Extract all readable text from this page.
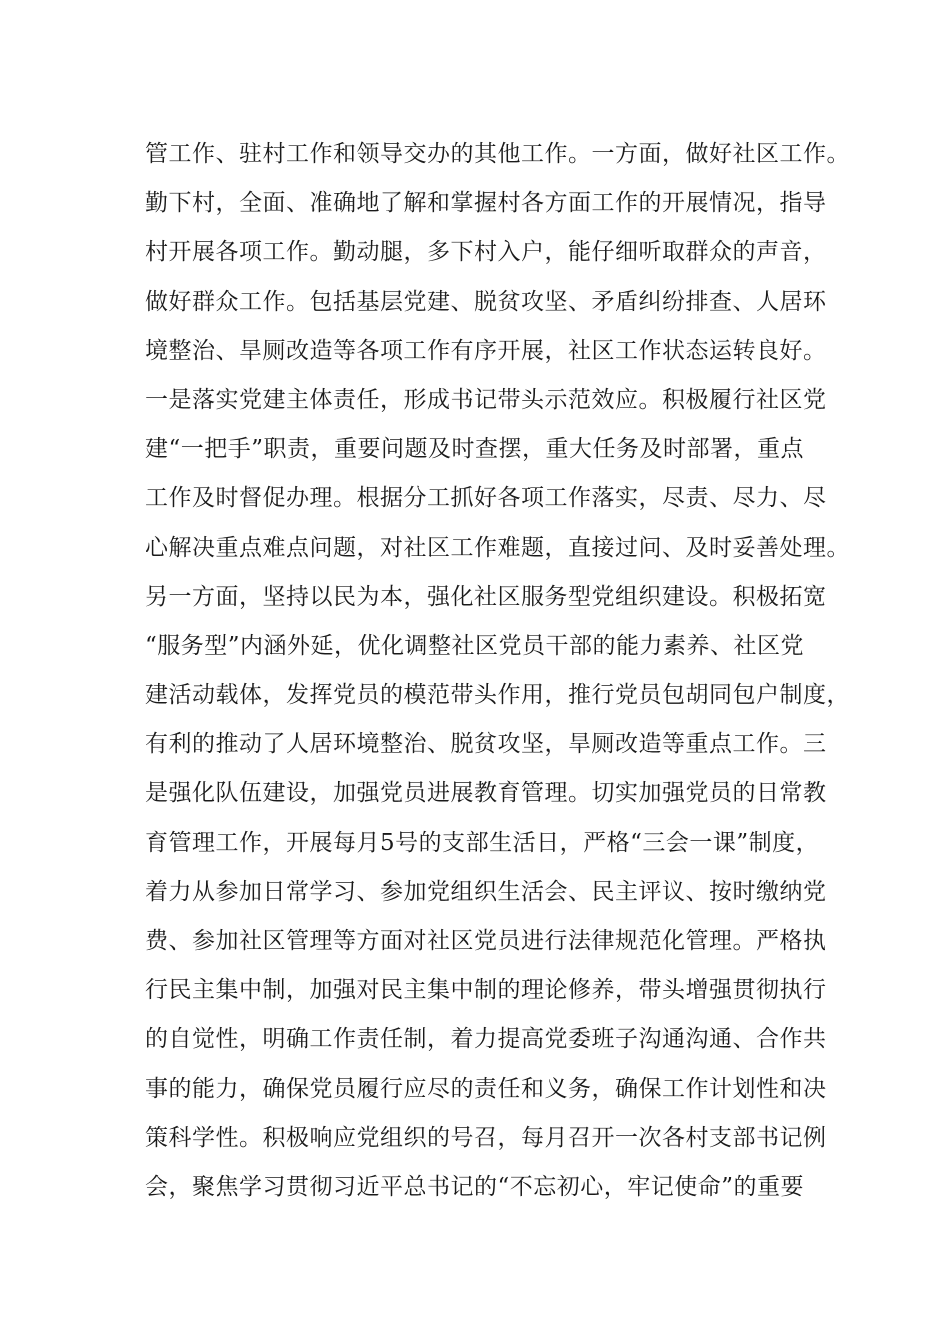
管工作、驻村工作和领导交办的其他工作。一方面，做好社区工作。
勤下村，全面、准确地了解和掌握村各方面工作的开展情况，指导
村开展各项工作。勤动腿，多下村入户，能仔细听取群众的声音，
做好群众工作。包括基层党建、脱贫攻坚、矛盾纠纷排查、人居环
境整治、旱厕改造等各项工作有序开展，社区工作状态运转良好。
一是落实党建主体责任，形成书记带头示范效应。积极履行社区党
建“一把手”职责，重要问题及时查摆，重大任务及时部署，重点
工作及时督促办理。根据分工抓好各项工作落实，尽责、尽力、尽
心解决重点难点问题，对社区工作难题，直接过问、及时妥善处理。
另一方面，坚持以民为本，强化社区服务型党组织建设。积极拓宽
“服务型”内涵外延，优化调整社区党员干部的能力素养、社区党
建活动载体，发挥党员的模范带头作用，推行党员包胡同包户制度，
有利的推动了人居环境整治、脱贫攻坚，旱厕改造等重点工作。三
是强化队伍建设，加强党员进展教育管理。切实加强党员的日常教
育管理工作，开展每月5号的支部生活日，严格“三会一课”制度，
着力从参加日常学习、参加党组织生活会、民主评议、按时缴纳党
费、参加社区管理等方面对社区党员进行法律规范化管理。严格执
行民主集中制，加强对民主集中制的理论修养，带头增强贯彻执行
的自觉性，明确工作责任制，着力提高党委班子沟通沟通、合作共
事的能力，确保党员履行应尽的责任和义务，确保工作计划性和决
策科学性。积极响应党组织的号召，每月召开一次各村支部书记例
会，聚焦学习贯彻习近平总书记的“不忘初心，牢记使命”的重要
